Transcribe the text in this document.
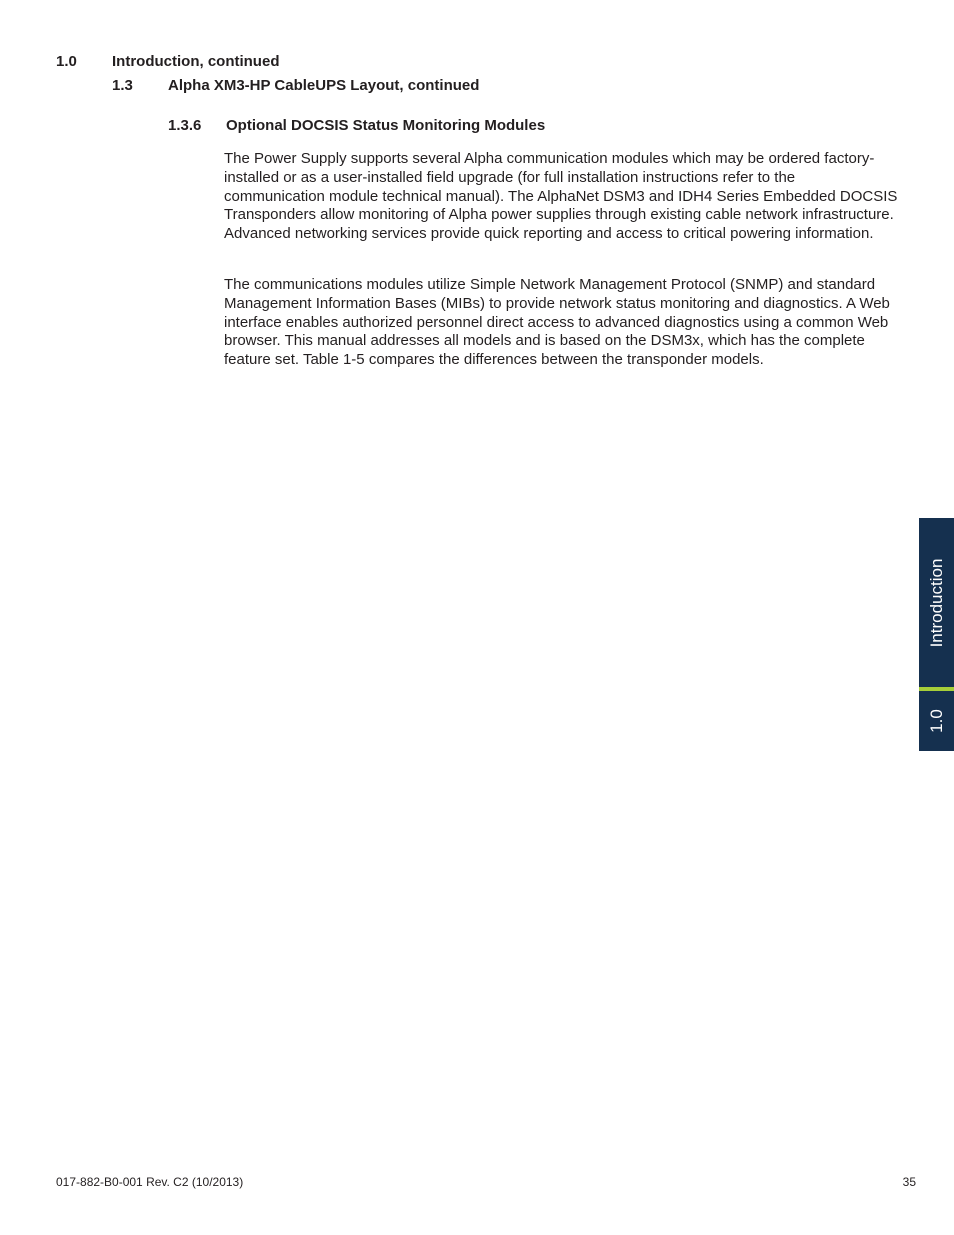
1.0 Introduction, continued
1.3 Alpha XM3-HP CableUPS Layout, continued
1.3.6 Optional DOCSIS Status Monitoring Modules

The Power Supply supports several Alpha communication modules which may be ordered factory-installed or as a user-installed field upgrade (for full installation instructions refer to the communication module technical manual). The AlphaNet DSM3 and IDH4 Series Embedded DOCSIS Transponders allow monitoring of Alpha power supplies through existing cable network infrastructure. Advanced networking services provide quick reporting and access to critical powering information.

The communications modules utilize Simple Network Management Protocol (SNMP) and standard Management Information Bases (MIBs) to provide network status monitoring and diagnostics. A Web interface enables authorized personnel direct access to advanced diagnostics using a common Web browser. This manual addresses all models and is based on the DSM3x, which has the complete feature set. Table 1-5 compares the differences between the transponder models.

Introduction
1.0
017-882-B0-001 Rev. C2 (10/2013)	35
